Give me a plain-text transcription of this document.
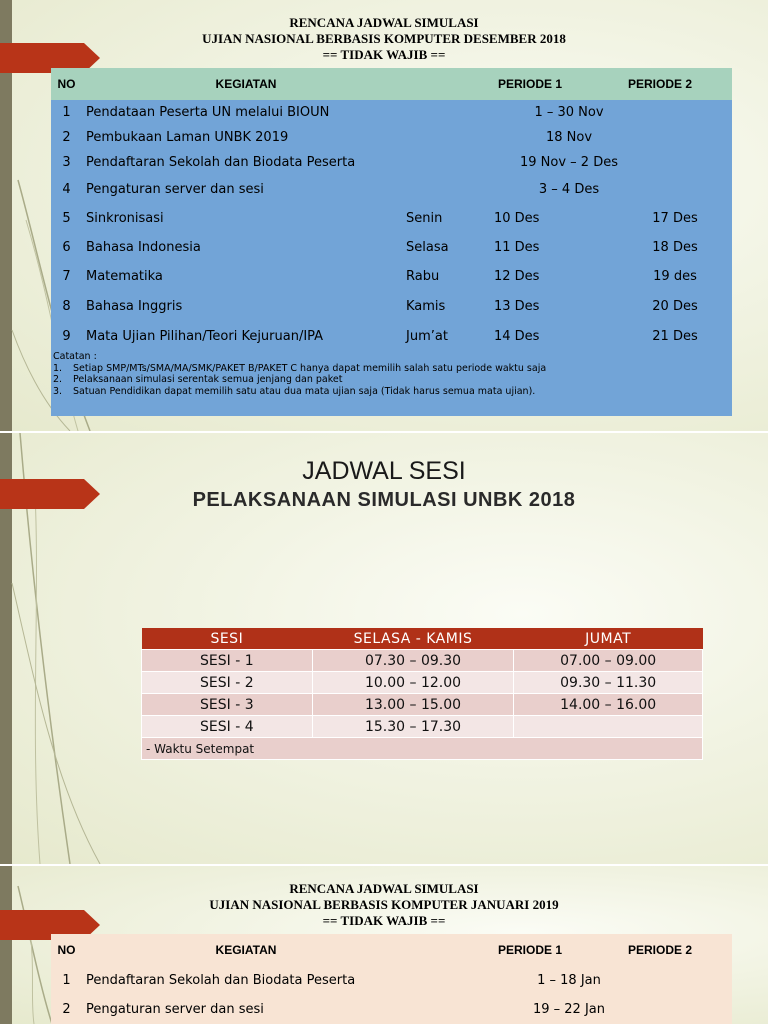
RENCANA JADWAL SIMULASI
UJIAN NASIONAL BERBASIS KOMPUTER DESEMBER 2018
== TIDAK WAJIB ==
NO	KEGIATAN	PERIODE 1	PERIODE 2
1	Pendataan Peserta UN melalui BIOUN	1 – 30 Nov
2	Pembukaan Laman UNBK 2019	18 Nov
3	Pendaftaran Sekolah dan Biodata Peserta	19 Nov – 2 Des
4	Pengaturan server dan sesi	3 – 4 Des
5	Sinkronisasi	Senin	10 Des	17 Des
6	Bahasa Indonesia	Selasa	11 Des	18 Des
7	Matematika	Rabu	12 Des	19 des
8	Bahasa Inggris	Kamis	13 Des	20 Des
9	Mata Ujian Pilihan/Teori Kejuruan/IPA	Jum’at	14 Des	21 Des
Catatan :
1.	Setiap SMP/MTs/SMA/MA/SMK/PAKET B/PAKET C hanya dapat memilih salah satu periode waktu saja
2.	Pelaksanaan simulasi serentak semua jenjang dan paket
3.	Satuan Pendidikan dapat memilih satu atau dua mata ujian saja (Tidak harus semua mata ujian).
JADWAL SESI
PELAKSANAAN SIMULASI UNBK 2018
SESI	SELASA - KAMIS	JUMAT
SESI - 1	07.30 – 09.30	07.00 – 09.00
SESI - 2	10.00 – 12.00	09.30 – 11.30
SESI - 3	13.00 – 15.00	14.00 – 16.00
SESI - 4	15.30 – 17.30	
- Waktu Setempat		
RENCANA JADWAL SIMULASI
UJIAN NASIONAL BERBASIS KOMPUTER JANUARI 2019
== TIDAK WAJIB ==
NO	KEGIATAN	PERIODE 1	PERIODE 2
1	Pendaftaran Sekolah dan Biodata Peserta	1 – 18 Jan
2	Pengaturan server dan sesi	19 – 22 Jan
